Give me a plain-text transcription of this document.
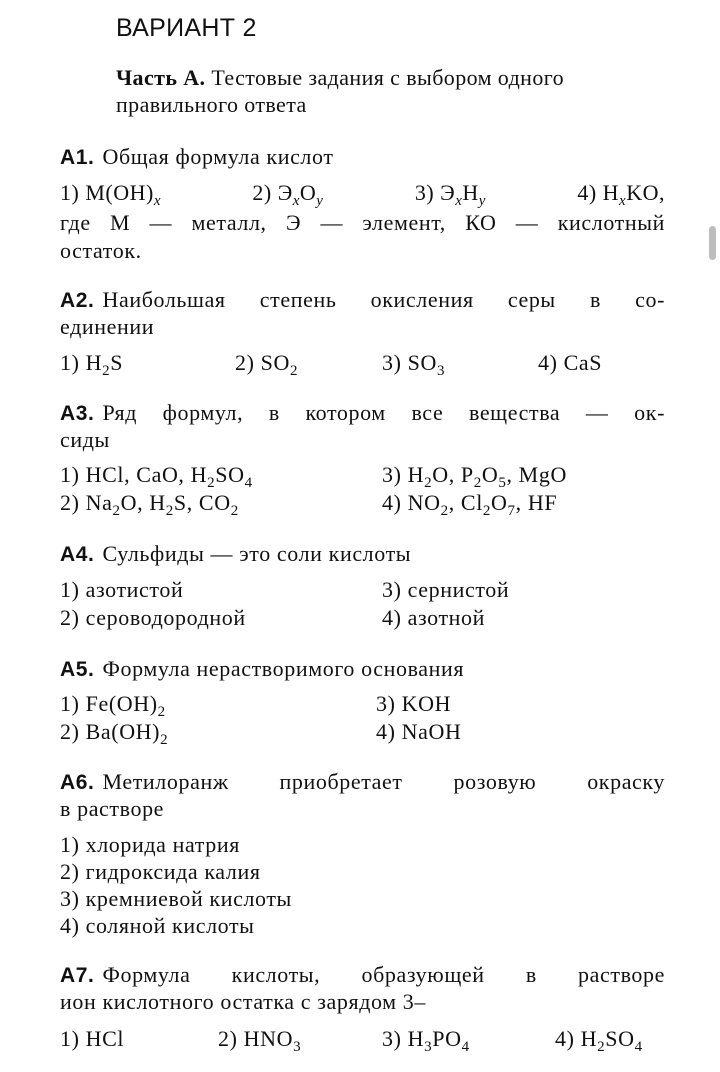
ВАРИАНТ 2
Часть А. Тестовые задания с выбором одного правильного ответа
А1. Общая формула кислот
1) $M(OH)_x$	2) $Э_xO_y$	3) $Э_xH_y$	4) $H_xKO$,
где М — металл, Э — элемент, КО — кислотный
остаток.
А2. Наибольшая степень окисления серы в со-
единении
1) $H_2S$	2) $SO_2$	3) $SO_3$	4) CaS
А3. Ряд формул, в котором все вещества — ок-
сиды
1) HCl, CaO, $H_2SO_4$
2) $Na_2O$, $H_2S$, $CO_2$
3) $H_2O$, $P_2O_5$, MgO
4) $NO_2$, $Cl_2O_7$, HF
А4. Сульфиды — это соли кислоты
1) азотистой
2) сероводородной
3) сернистой
4) азотной
А5. Формула нерастворимого основания
1) $Fe(OH)_2$
2) $Ba(OH)_2$
3) KOH
4) NaOH
А6. Метилоранж приобретает розовую окраску
в растворе
1) хлорида натрия
2) гидроксида калия
3) кремниевой кислоты
4) соляной кислоты
А7. Формула кислоты, образующей в растворе
ион кислотного остатка с зарядом 3–
1) HCl	2) $HNO_3$	3) $H_3PO_4$	4) $H_2SO_4$
